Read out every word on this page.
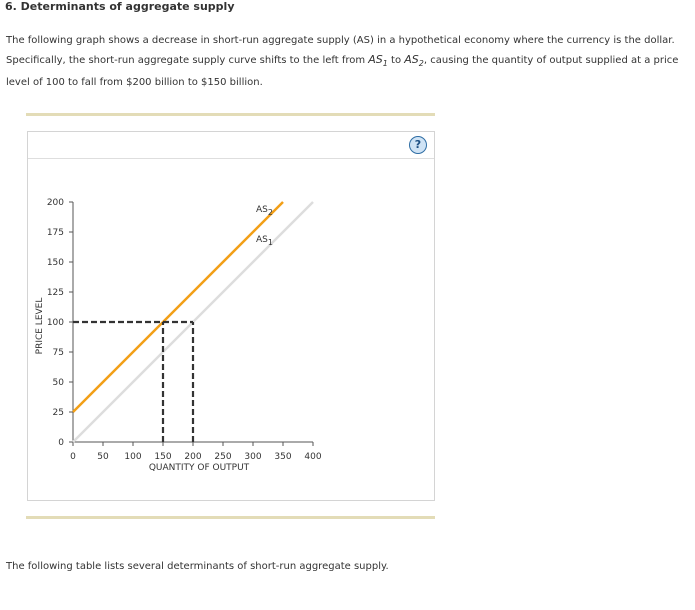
6. Determinants of aggregate supply
The following graph shows a decrease in short-run aggregate supply (AS) in a hypothetical economy where the currency is the dollar. Specifically, the short-run aggregate supply curve shifts to the left from $AS_1$ to $AS_2$, causing the quantity of output supplied at a price level of 100 to fall from $200 billion to $150 billion.
?
0
25
50
75
100
125
150
175
200
0 50 100 150 200 250 300 350 400
QUANTITY OF OUTPUT
PRICE LEVEL
AS2
AS1
The following table lists several determinants of short-run aggregate supply.
